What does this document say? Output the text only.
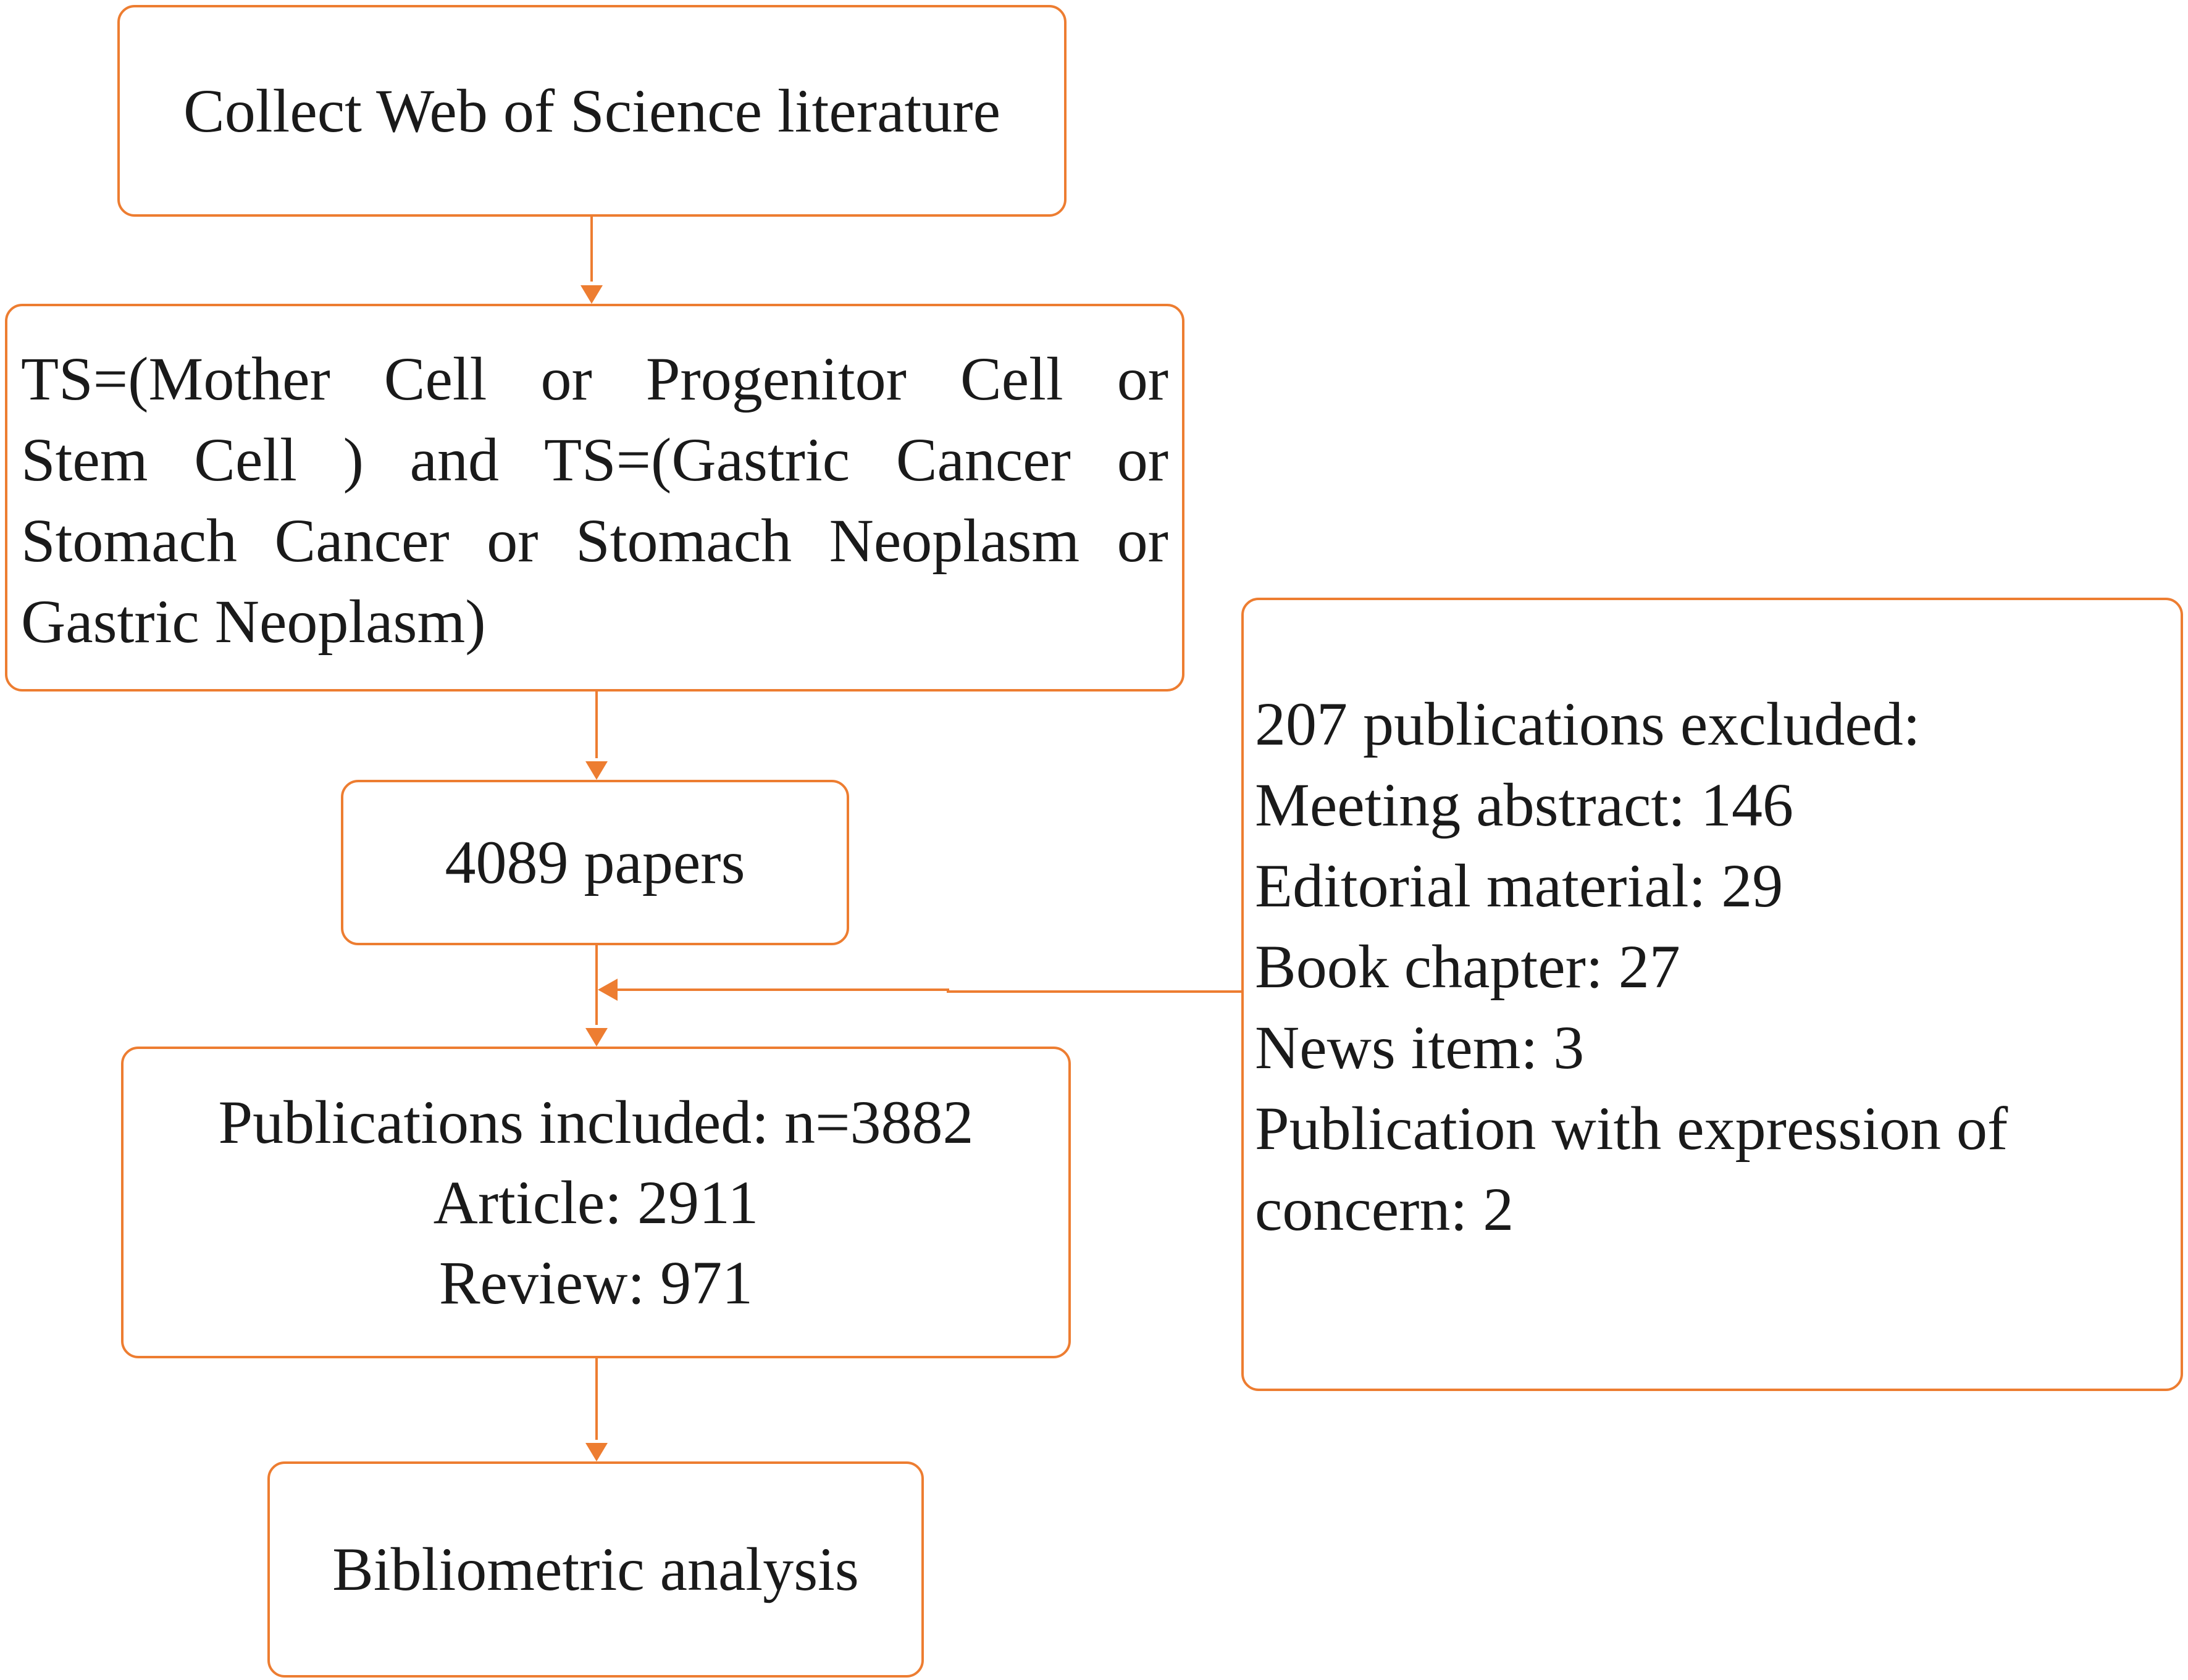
Collect Web of Science literature
TS=(Mother Cell or Progenitor Cell or
Stem Cell ) and TS=(Gastric Cancer or
Stomach Cancer or Stomach Neoplasm or
Gastric Neoplasm)
4089 papers
Publications included: n=3882
Article: 2911
Review: 971
Bibliometric analysis
207 publications excluded:
Meeting abstract: 146
Editorial material: 29
Book chapter: 27
News item: 3
Publication with expression of
concern: 2
